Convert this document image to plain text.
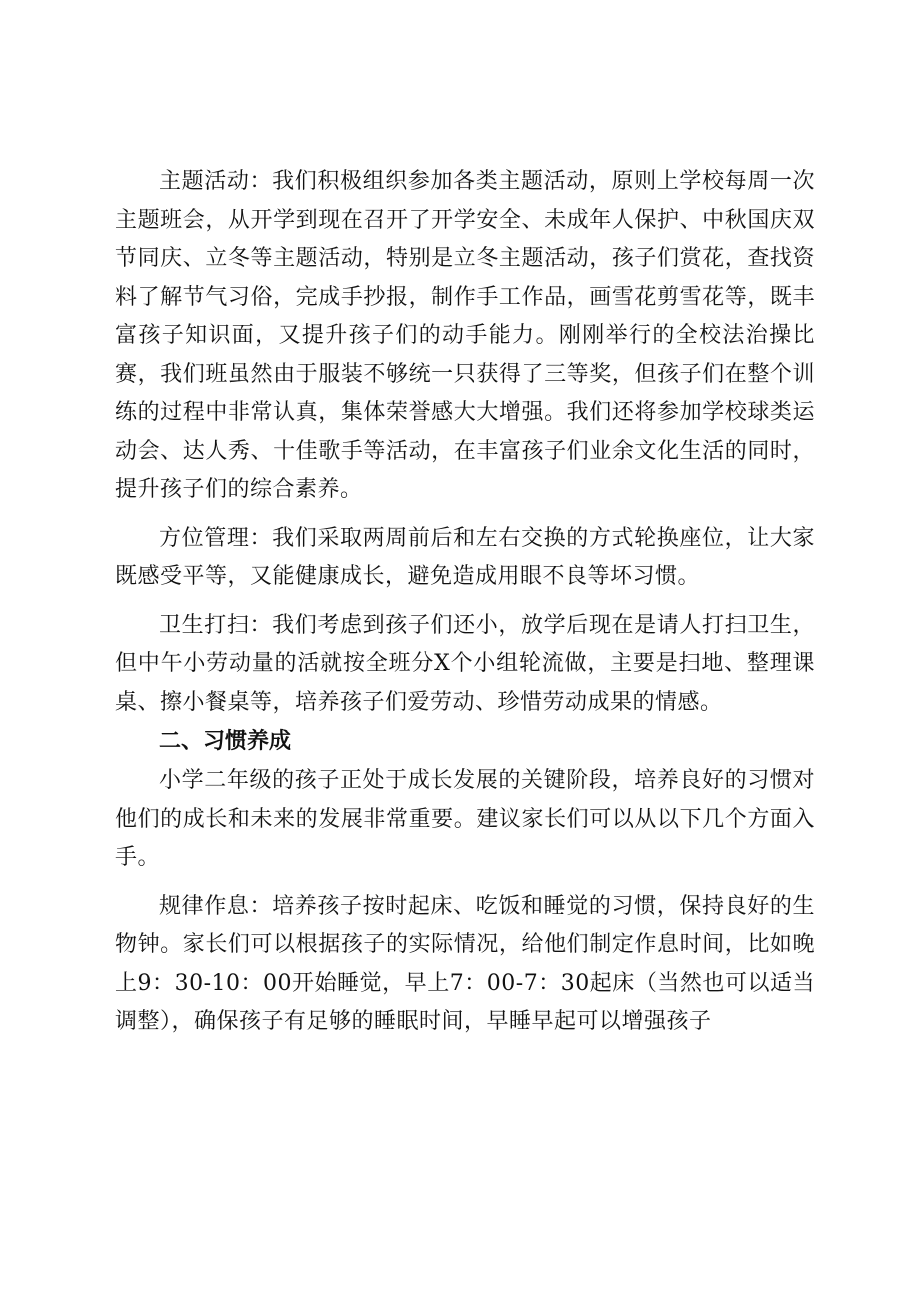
主题活动：我们积极组织参加各类主题活动，原则上学校每周一次主题班会，从开学到现在召开了开学安全、未成年人保护、中秋国庆双节同庆、立冬等主题活动，特别是立冬主题活动，孩子们赏花，查找资料了解节气习俗，完成手抄报，制作手工作品，画雪花剪雪花等，既丰富孩子知识面，又提升孩子们的动手能力。刚刚举行的全校法治操比赛，我们班虽然由于服装不够统一只获得了三等奖，但孩子们在整个训练的过程中非常认真，集体荣誉感大大增强。我们还将参加学校球类运动会、达人秀、十佳歌手等活动，在丰富孩子们业余文化生活的同时，提升孩子们的综合素养。

方位管理：我们采取两周前后和左右交换的方式轮换座位，让大家既感受平等，又能健康成长，避免造成用眼不良等坏习惯。

卫生打扫：我们考虑到孩子们还小，放学后现在是请人打扫卫生，但中午小劳动量的活就按全班分X个小组轮流做，主要是扫地、整理课桌、擦小餐桌等，培养孩子们爱劳动、珍惜劳动成果的情感。

二、习惯养成

小学二年级的孩子正处于成长发展的关键阶段，培养良好的习惯对他们的成长和未来的发展非常重要。建议家长们可以从以下几个方面入手。

规律作息：培养孩子按时起床、吃饭和睡觉的习惯，保持良好的生物钟。家长们可以根据孩子的实际情况，给他们制定作息时间，比如晚上9：30-10：00开始睡觉，早上7：00-7：30起床（当然也可以适当调整），确保孩子有足够的睡眠时间，早睡早起可以增强孩子
